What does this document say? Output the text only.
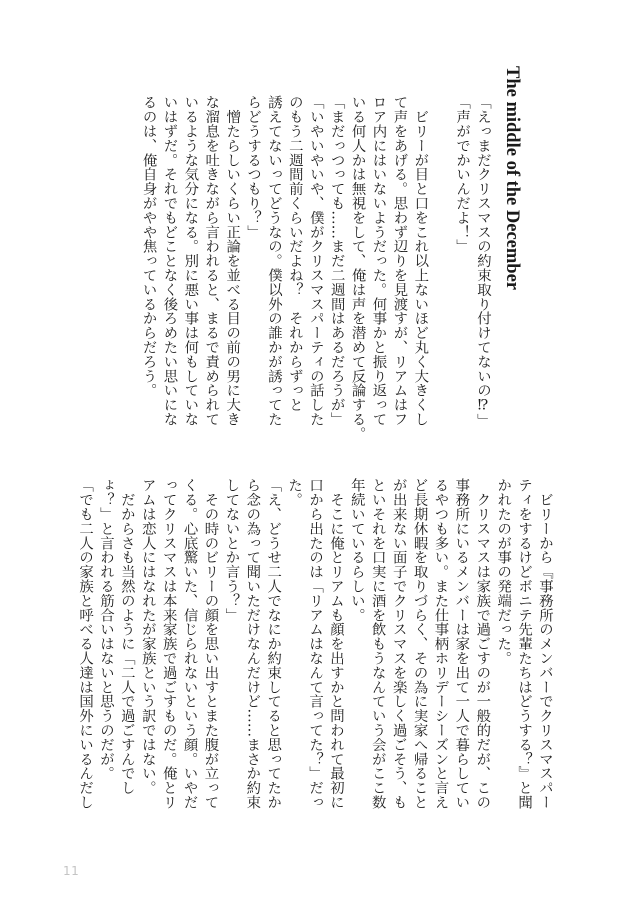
The middle of the December
「えっまだクリスマスの約束取り付けてないの⁉」
「声がでかいんだよ！」
　ビリーが目と口をこれ以上ないほど丸く大きくし
て声をあげる。思わず辺りを見渡すが、リアムはフ
ロア内にはいないようだった。何事かと振り返って
いる何人かは無視をして、俺は声を潜めて反論する。
「まだっつっても……まだ二週間はあるだろうが」
「いやいやいや、僕がクリスマスパーティの話した
のもう二週間前くらいだよね？　それからずっと
誘えてないってどうなの。僕以外の誰かが誘ってた
らどうするつもり？」
　憎たらしいくらい正論を並べる目の前の男に大き
な溜息を吐きながら言われると、まるで責められて
いるような気分になる。別に悪い事は何もしていな
いはずだ。それでもどことなく後ろめたい思いにな
るのは、俺自身がやや焦っているからだろう。
　ビリーから『事務所のメンバーでクリスマスパー
ティをするけどボニテ先輩たちはどうする？』と聞
かれたのが事の発端だった。
　クリスマスは家族で過ごすのが一般的だが、この
事務所にいるメンバーは家を出て一人で暮らしてい
るやつも多い。また仕事柄ホリデーシーズンと言え
ど長期休暇を取りづらく、その為に実家へ帰ること
が出来ない面子でクリスマスを楽しく過ごそう、も
といそれを口実に酒を飲もうなんていう会がここ数
年続いているらしい。
　そこに俺とリアムも顔を出すかと問われて最初に
口から出たのは「リアムはなんて言ってた？」だっ
た。
「え、どうせ二人でなにか約束してると思ってたか
ら念の為って聞いただけなんだけど……まさか約束
してないとか言う？」
　その時のビリーの顔を思い出すとまた腹が立って
くる。心底驚いた、信じられないという顔。いやだ
ってクリスマスは本来家族で過ごすものだ。俺とリ
アムは恋人にはなれたが家族という訳ではない。
　だからさも当然のように「二人で過ごすんでし
ょ？」と言われる筋合いはないと思うのだが。
「でも二人の家族と呼べる人達は国外にいるんだし
11
